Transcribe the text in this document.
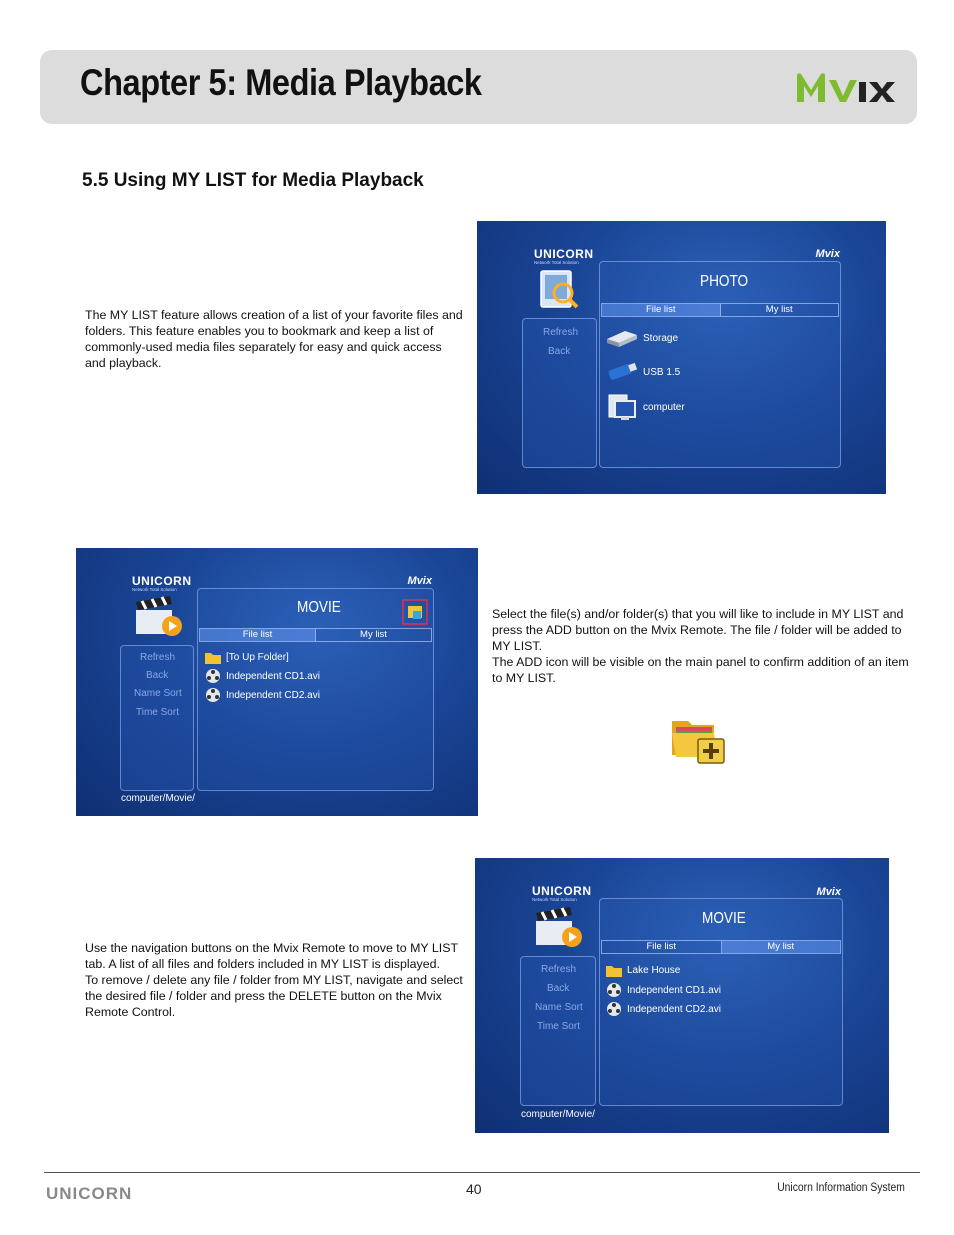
Chapter 5: Media Playback
5.5 Using MY LIST for Media Playback

The MY LIST feature allows creation of a list of your favorite files and folders. This feature enables you to bookmark and keep a list of commonly-used media files separately for easy and quick access and playback.

UNICORN
Network Total Solution
Mvix
Refresh
Back
PHOTO
File list	My list
Storage
USB 1.5
computer
UNICORN
Network Total Solution
Mvix
Refresh
Back
Name Sort
Time Sort
MOVIE
File list	My list
[To Up Folder]
Independent CD1.avi
Independent CD2.avi
computer/Movie/

Select the file(s) and/or folder(s) that you will like to include in MY LIST and press the ADD button on the Mvix Remote. The file / folder will be added to MY LIST.

The ADD icon will be visible on the main panel to confirm addition of an item to MY LIST.

Use the navigation buttons on the Mvix Remote to move to MY LIST tab. A list of all files and folders included in MY LIST is displayed.

To remove / delete any file / folder from MY LIST, navigate and select the desired file / folder and press the DELETE button on the Mvix Remote Control.

UNICORN
Network Total Solution
Mvix
Refresh
Back
Name Sort
Time Sort
MOVIE
File list	My list
Lake House
Independent CD1.avi
Independent CD2.avi
computer/Movie/
UNICORN	40	Unicorn Information System
